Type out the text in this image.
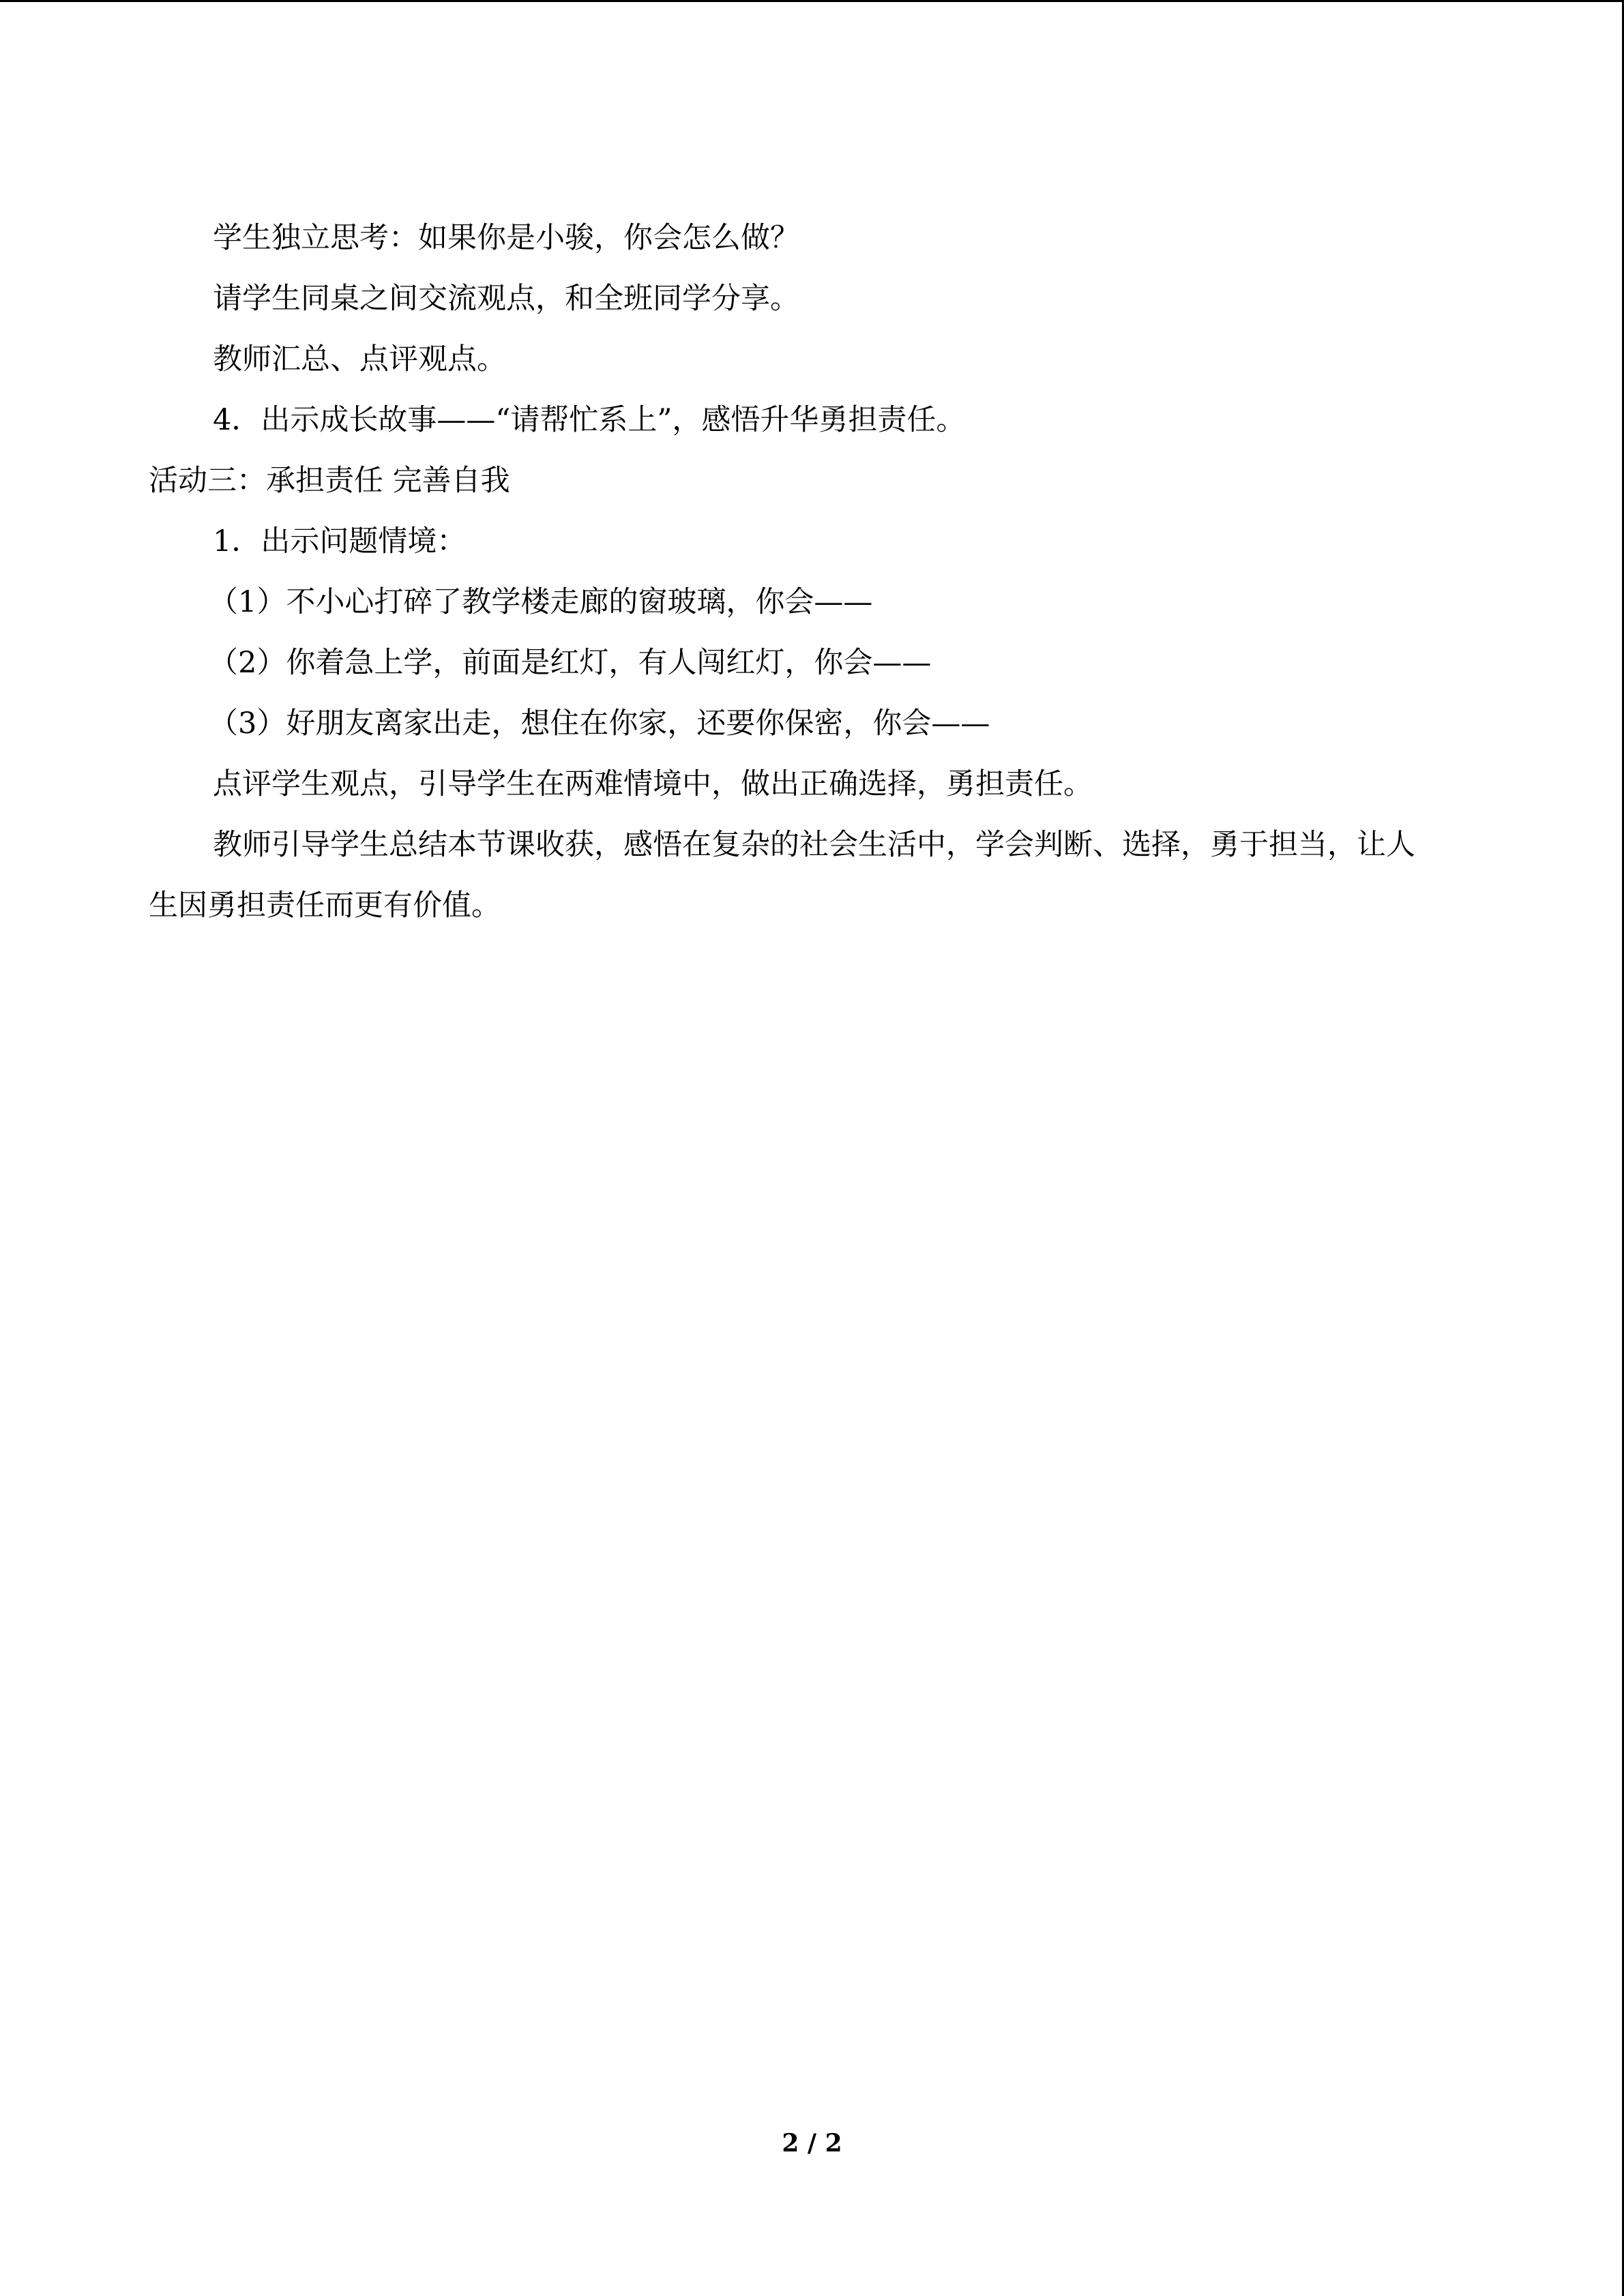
学生独立思考：如果你是小骏，你会怎么做？

请学生同桌之间交流观点，和全班同学分享。

教师汇总、点评观点。

4．出示成长故事——“请帮忙系上”，感悟升华勇担责任。

活动三：承担责任 完善自我

1．出示问题情境：

（1）不小心打碎了教学楼走廊的窗玻璃，你会——

（2）你着急上学，前面是红灯，有人闯红灯，你会——

（3）好朋友离家出走，想住在你家，还要你保密，你会——

点评学生观点，引导学生在两难情境中，做出正确选择，勇担责任。

教师引导学生总结本节课收获，感悟在复杂的社会生活中，学会判断、选择，勇于担当，让人生因勇担责任而更有价值。

2 / 2
